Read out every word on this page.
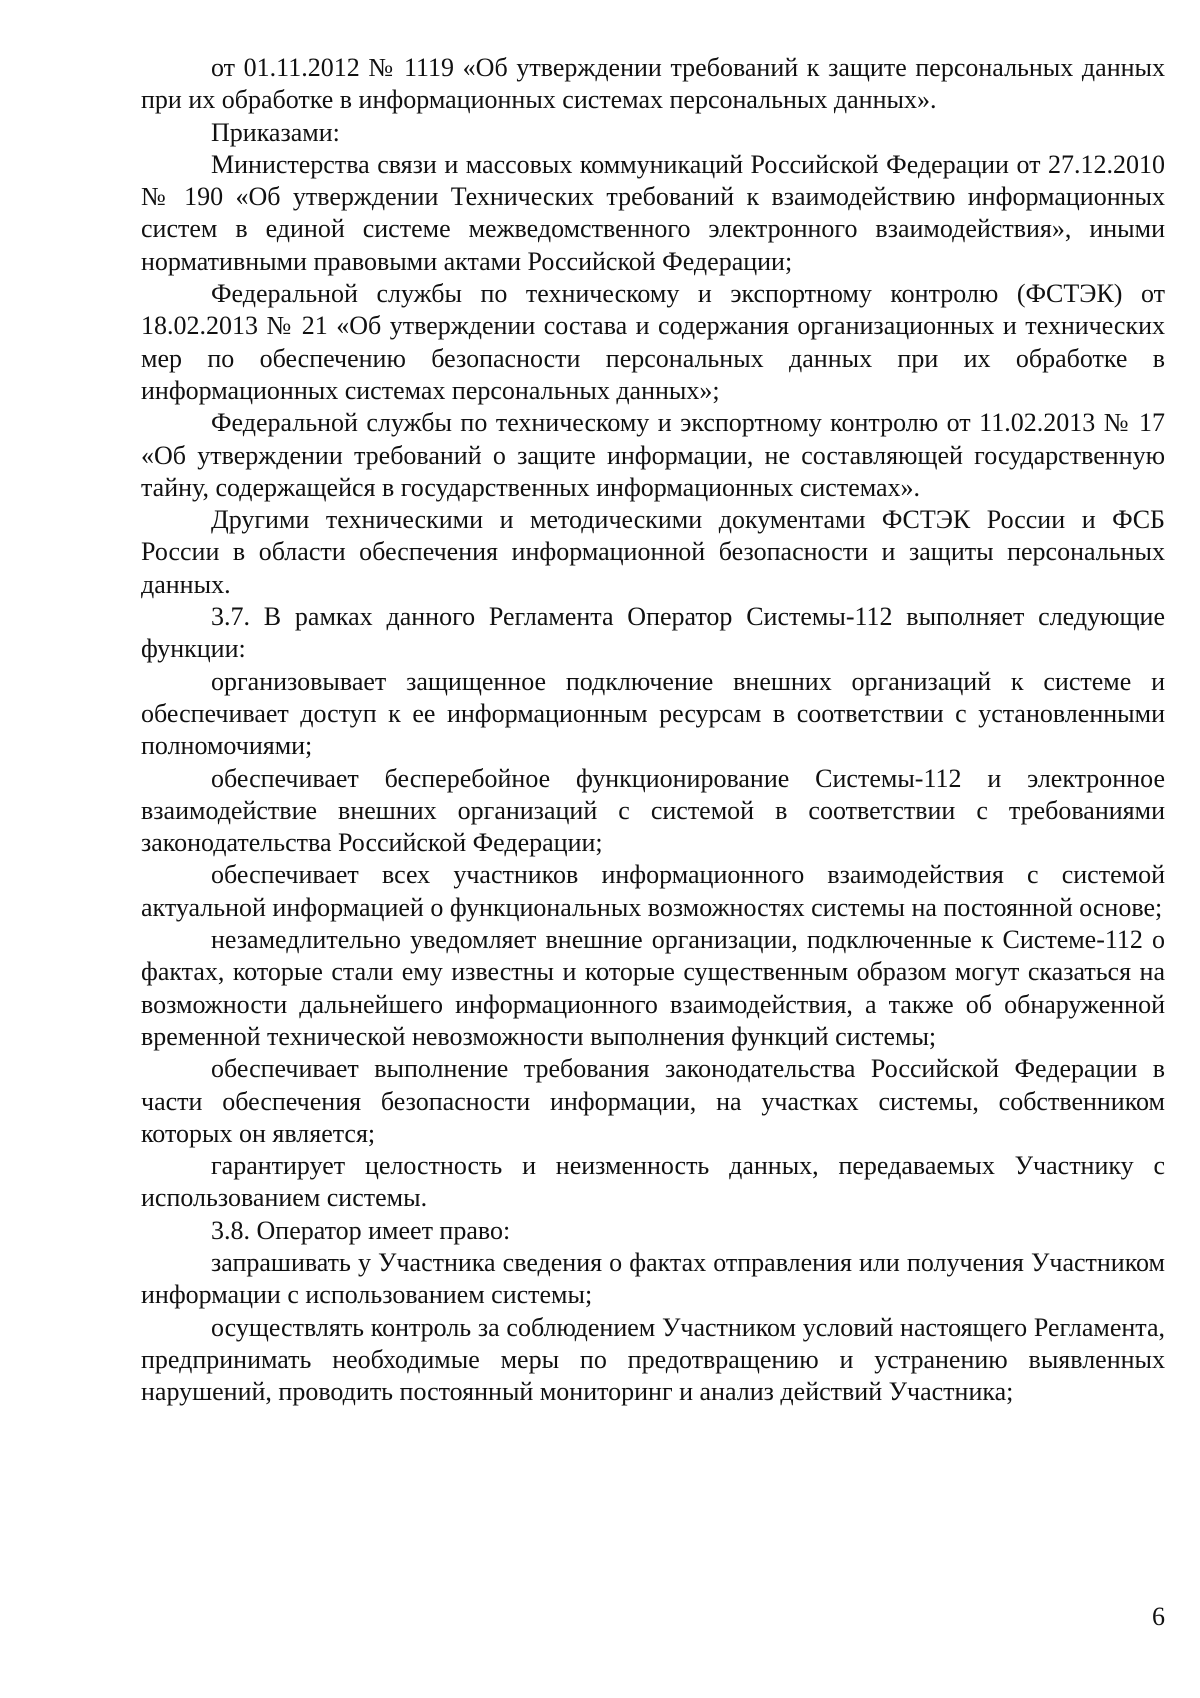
от 01.11.2012 № 1119 «Об утверждении требований к защите персональных данных при их обработке в информационных системах персональных данных».

Приказами:

Министерства связи и массовых коммуникаций Российской Федерации от 27.12.2010 № 190 «Об утверждении Технических требований к взаимодействию информационных систем в единой системе межведомственного электронного взаимодействия», иными нормативными правовыми актами Российской Федерации;

Федеральной службы по техническому и экспортному контролю (ФСТЭК) от 18.02.2013 № 21 «Об утверждении состава и содержания организационных и технических мер по обеспечению безопасности персональных данных при их обработке в информационных системах персональных данных»;

Федеральной службы по техническому и экспортному контролю от 11.02.2013 № 17 «Об утверждении требований о защите информации, не составляющей государственную тайну, содержащейся в государственных информационных системах».

Другими техническими и методическими документами ФСТЭК России и ФСБ России в области обеспечения информационной безопасности и защиты персональных данных.

3.7. В рамках данного Регламента Оператор Системы-112 выполняет следующие функции:

организовывает защищенное подключение внешних организаций к системе и обеспечивает доступ к ее информационным ресурсам в соответствии с установленными полномочиями;

обеспечивает бесперебойное функционирование Системы-112 и электронное взаимодействие внешних организаций с системой в соответствии с требованиями законодательства Российской Федерации;

обеспечивает всех участников информационного взаимодействия с системой актуальной информацией о функциональных возможностях системы на постоянной основе;

незамедлительно уведомляет внешние организации, подключенные к Системе-112 о фактах, которые стали ему известны и которые существенным образом могут сказаться на возможности дальнейшего информационного взаимодействия, а также об обнаруженной временной технической невозможности выполнения функций системы;

обеспечивает выполнение требования законодательства Российской Федерации в части обеспечения безопасности информации, на участках системы, собственником которых он является;

гарантирует целостность и неизменность данных, передаваемых Участнику с использованием системы.

3.8. Оператор имеет право:

запрашивать у Участника сведения о фактах отправления или получения Участником информации с использованием системы;

осуществлять контроль за соблюдением Участником условий настоящего Регламента, предпринимать необходимые меры по предотвращению и устранению выявленных нарушений, проводить постоянный мониторинг и анализ действий Участника;

6
